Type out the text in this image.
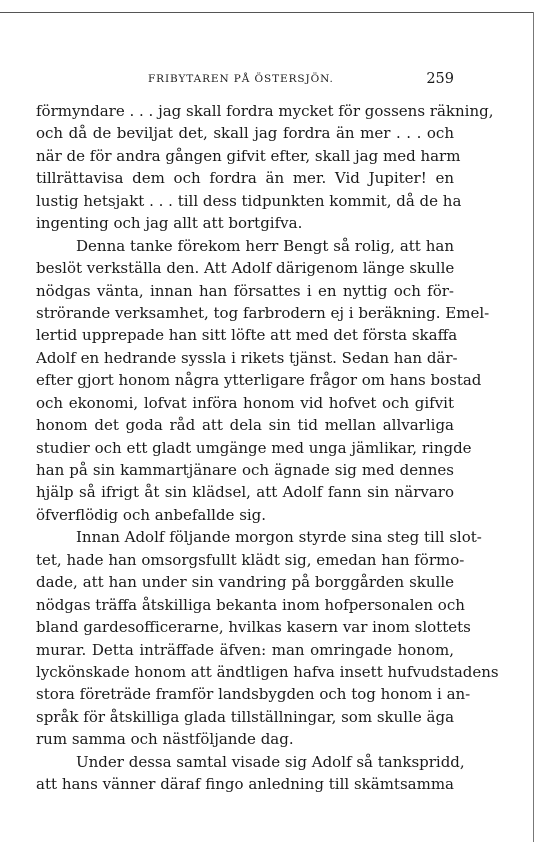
FRIBYTAREN PÅ ÖSTERSJÖN.	259
förmyndare . . . jag skall fordra mycket för gossens räkning,
och då de beviljat det, skall jag fordra än mer . . . och
när de för andra gången gifvit efter, skall jag med harm
tillrättavisa dem och fordra än mer. Vid Jupiter! en
lustig hetsjakt . . . till dess tidpunkten kommit, då de ha
ingenting och jag allt att bortgifva.
Denna tanke förekom herr Bengt så rolig, att han
beslöt verkställa den. Att Adolf därigenom länge skulle
nödgas vänta, innan han försattes i en nyttig och för-
strörande verksamhet, tog farbrodern ej i beräkning. Emel-
lertid upprepade han sitt löfte att med det första skaffa
Adolf en hedrande syssla i rikets tjänst. Sedan han där-
efter gjort honom några ytterligare frågor om hans bostad
och ekonomi, lofvat införa honom vid hofvet och gifvit
honom det goda råd att dela sin tid mellan allvarliga
studier och ett gladt umgänge med unga jämlikar, ringde
han på sin kammartjänare och ägnade sig med dennes
hjälp så ifrigt åt sin klädsel, att Adolf fann sin närvaro
öfverflödig och anbefallde sig.
Innan Adolf följande morgon styrde sina steg till slot-
tet, hade han omsorgsfullt klädt sig, emedan han förmo-
dade, att han under sin vandring på borggården skulle
nödgas träffa åtskilliga bekanta inom hofpersonalen och
bland gardesofficerarne, hvilkas kasern var inom slottets
murar. Detta inträffade äfven: man omringade honom,
lyckönskade honom att ändtligen hafva insett hufvudstadens
stora företräde framför landsbygden och tog honom i an-
språk för åtskilliga glada tillställningar, som skulle äga
rum samma och nästföljande dag.
Under dessa samtal visade sig Adolf så tankspridd,
att hans vänner däraf fingo anledning till skämtsamma
